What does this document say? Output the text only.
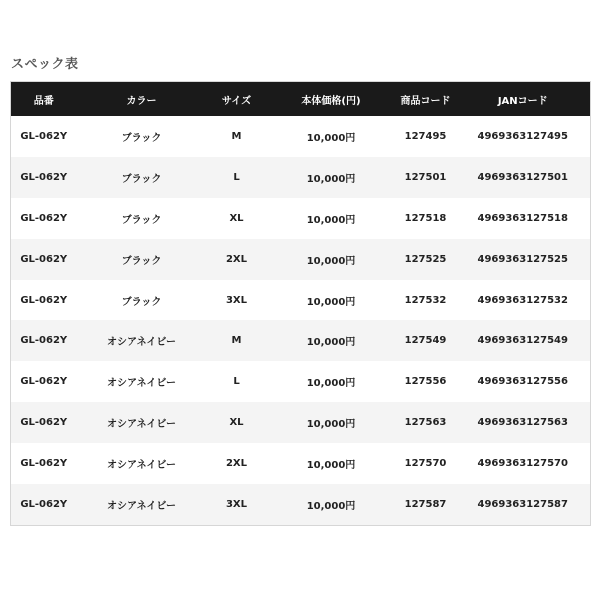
スペック表
品番	カラー	サイズ	本体価格(円)	商品コード	JANコード
GL-062Y	ブラック	M	10,000円	127495	4969363127495
GL-062Y	ブラック	L	10,000円	127501	4969363127501
GL-062Y	ブラック	XL	10,000円	127518	4969363127518
GL-062Y	ブラック	2XL	10,000円	127525	4969363127525
GL-062Y	ブラック	3XL	10,000円	127532	4969363127532
GL-062Y	オシアネイビー	M	10,000円	127549	4969363127549
GL-062Y	オシアネイビー	L	10,000円	127556	4969363127556
GL-062Y	オシアネイビー	XL	10,000円	127563	4969363127563
GL-062Y	オシアネイビー	2XL	10,000円	127570	4969363127570
GL-062Y	オシアネイビー	3XL	10,000円	127587	4969363127587
